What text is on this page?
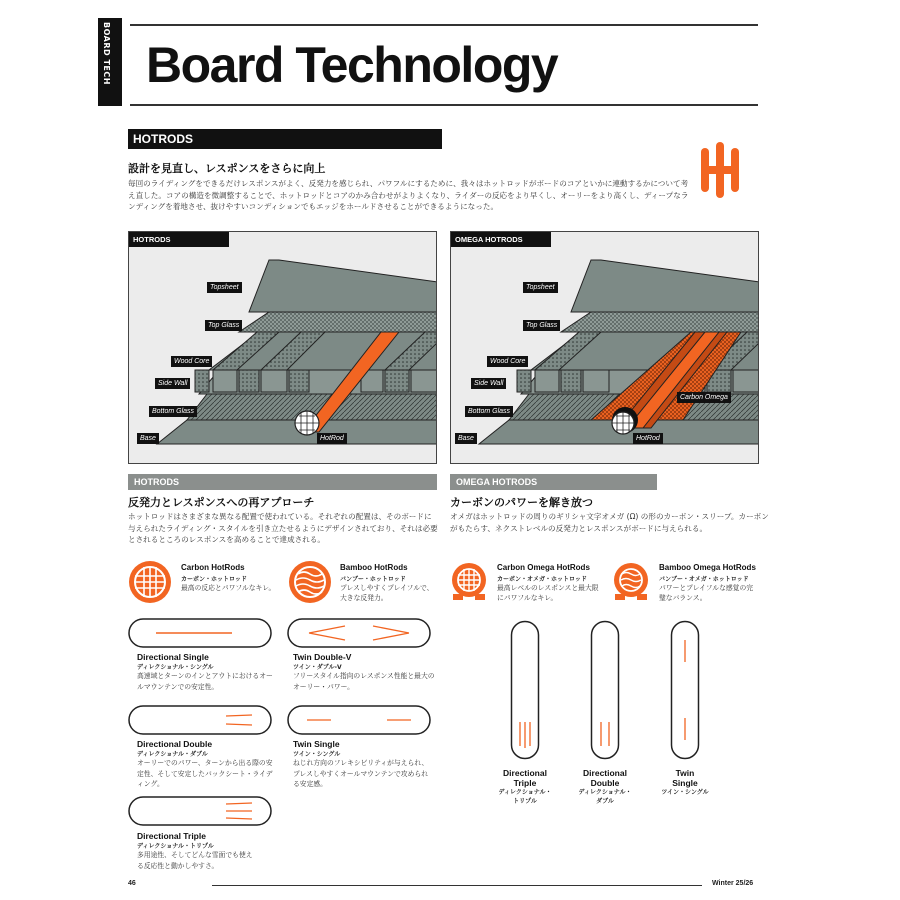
BOARD TECH Board Technology
HOTRODS
設計を見直し、レスポンスをさらに向上
毎回のライディングをできるだけレスポンスがよく、反発力を感じられ、パワフルにするために、我々はホットロッドがボードのコアといかに連動するかについて考え直した。コアの構造を微調整することで、ホットロッドとコアのかみ合わせがよりよくなり、ライダーの反応をより早くし、オーリーをより高くし、ディープなランディングを着地させ、抜けやすいコンディションでもエッジをホールドさせることができるようになった。
HOTRODS
Topsheet
Top Glass
Wood Core
Side Wall
Bottom Glass
Base	HotRod
OMEGA HOTRODS
Topsheet
Top Glass
Wood Core
Side Wall
Bottom Glass
Base	HotRod
Carbon Omega
HOTRODS
反発力とレスポンスへの再アプローチ
ホットロッドはさまざまな異なる配置で使われている。それぞれの配置は、そのボードに与えられたライディング・スタイルを引き立たせるようにデザインされており、それは必要とされるところのレスポンスを高めることで達成される。
Carbon HotRods
カーボン・ホットロッド
最高の反応とパワフルなキレ。
Bamboo HotRods
バンブー・ホットロッド
プレスしやすくプレイフルで、大きな反発力。
Directional Single
ディレクショナル・シングル
高速域とターンのインとアウトにおけるオールマウンテンでの安定性。
Twin Double-V
ツイン・ダブル-V
フリースタイル指向のレスポンス性能と最大のオーリー・パワー。
Directional Double
ディレクショナル・ダブル
オーリーでのパワー、ターンから出る際の安定性、そして安定したバックシート・ライディング。
Twin Single
ツイン・シングル
ねじれ方向のフレキシビリティが与えられ、プレスしやすくオールマウンテンで攻められる安定感。
Directional Triple
ディレクショナル・トリプル
多用途性、そしてどんな雪面でも使える反応性と動かしやすさ。
OMEGA HOTRODS
カーボンのパワーを解き放つ
オメガはホットロッドの周りのギリシャ文字オメガ (Ω) の形のカーボン・スリーブ。カーボンがもたらす、ネクストレベルの反発力とレスポンスがボードに与えられる。
Carbon Omega HotRods
カーボン・オメガ・ホットロッド
最高レベルのレスポンスと最大限にパワフルなキレ。
Bamboo Omega HotRods
バンブー・オメガ・ホットロッド
パワーとプレイフルな感覚の完璧なバランス。
Directional
Triple
ディレクショナル・
トリプル
Directional
Double
ディレクショナル・
ダブル
Twin
Single
ツイン・シングル
46	Winter 25/26
